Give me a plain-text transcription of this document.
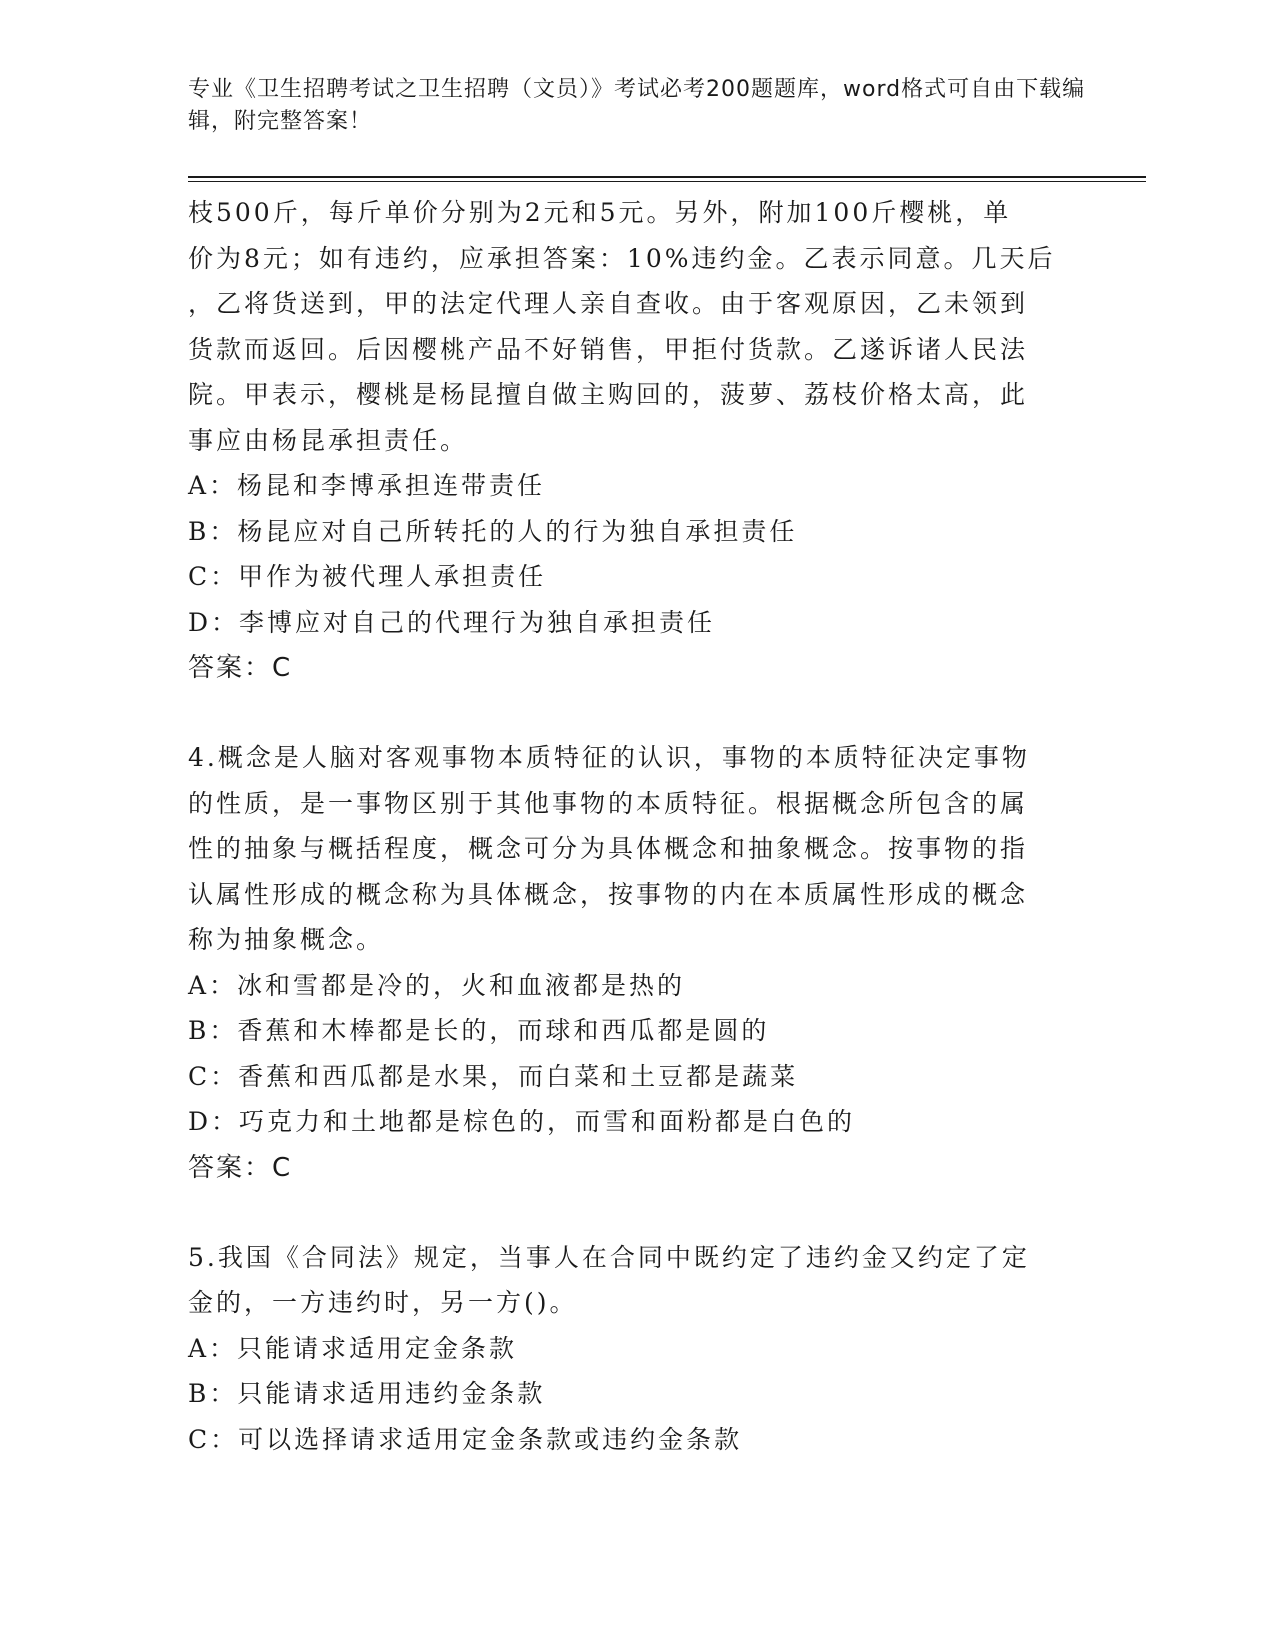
专业《卫生招聘考试之卫生招聘（文员）》考试必考200题题库，word格式可自由下载编辑，附完整答案！

枝500斤，每斤单价分别为2元和5元。另外，附加100斤樱桃，单

价为8元；如有违约，应承担答案：10%违约金。乙表示同意。几天后

，乙将货送到，甲的法定代理人亲自查收。由于客观原因，乙未领到

货款而返回。后因樱桃产品不好销售，甲拒付货款。乙遂诉诸人民法

院。甲表示，樱桃是杨昆擅自做主购回的，菠萝、荔枝价格太高，此

事应由杨昆承担责任。

A：杨昆和李博承担连带责任

B：杨昆应对自己所转托的人的行为独自承担责任

C：甲作为被代理人承担责任

D：李博应对自己的代理行为独自承担责任

答案：C

4.概念是人脑对客观事物本质特征的认识，事物的本质特征决定事物

的性质，是一事物区别于其他事物的本质特征。根据概念所包含的属

性的抽象与概括程度，概念可分为具体概念和抽象概念。按事物的指

认属性形成的概念称为具体概念，按事物的内在本质属性形成的概念

称为抽象概念。

A：冰和雪都是冷的，火和血液都是热的

B：香蕉和木棒都是长的，而球和西瓜都是圆的

C：香蕉和西瓜都是水果，而白菜和土豆都是蔬菜

D：巧克力和土地都是棕色的，而雪和面粉都是白色的

答案：C

5.我国《合同法》规定，当事人在合同中既约定了违约金又约定了定

金的，一方违约时，另一方()。

A：只能请求适用定金条款

B：只能请求适用违约金条款

C：可以选择请求适用定金条款或违约金条款
